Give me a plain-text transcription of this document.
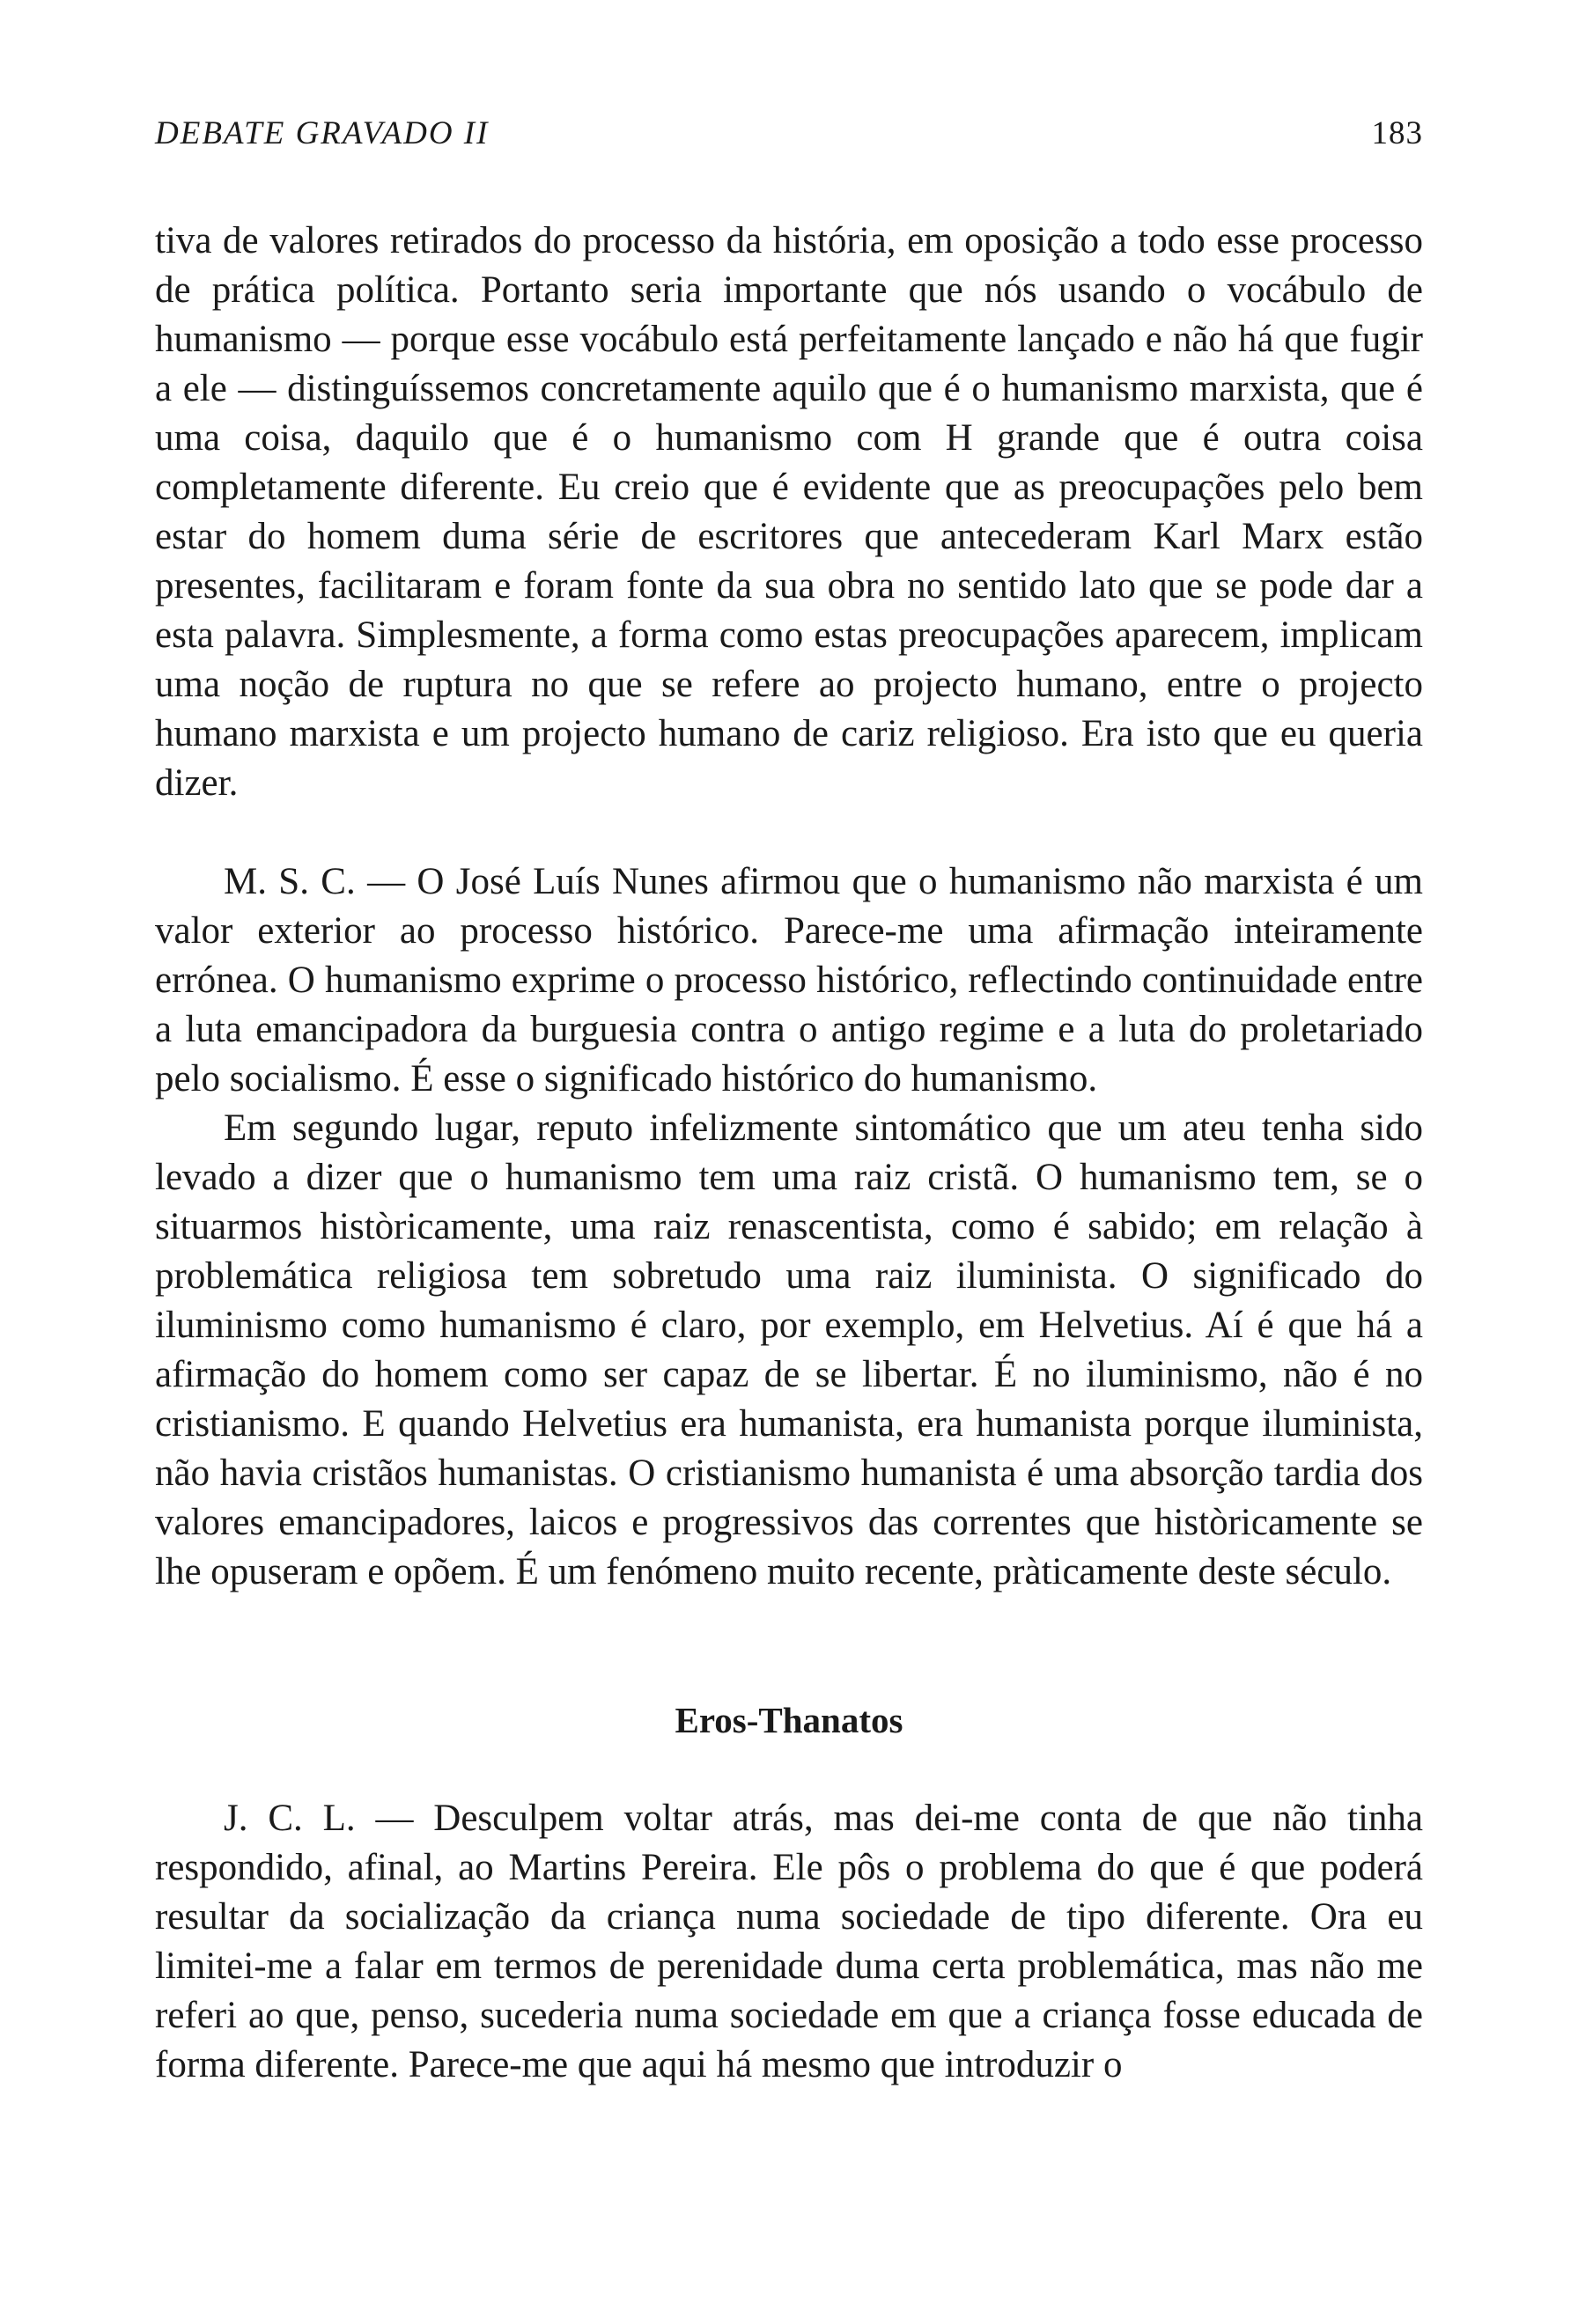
DEBATE GRAVADO II	183

tiva de valores retirados do processo da história, em oposição a todo esse processo de prática política. Portanto seria importante que nós usando o vocábulo de humanismo — porque esse vocábulo está perfeitamente lançado e não há que fugir a ele — distinguíssemos concretamente aquilo que é o humanismo marxista, que é uma coisa, daquilo que é o humanismo com H grande que é outra coisa completamente diferente. Eu creio que é evidente que as preocupações pelo bem estar do homem duma série de escritores que antecederam Karl Marx estão presentes, facilitaram e foram fonte da sua obra no sentido lato que se pode dar a esta palavra. Simplesmente, a forma como estas preocupações aparecem, implicam uma noção de ruptura no que se refere ao projecto humano, entre o projecto humano marxista e um projecto humano de cariz religioso. Era isto que eu queria dizer.

M. S. C. — O José Luís Nunes afirmou que o humanismo não marxista é um valor exterior ao processo histórico. Parece-me uma afirmação inteiramente errónea. O humanismo exprime o processo histórico, reflectindo continuidade entre a luta emancipadora da burguesia contra o antigo regime e a luta do proletariado pelo socialismo. É esse o significado histórico do humanismo.

Em segundo lugar, reputo infelizmente sintomático que um ateu tenha sido levado a dizer que o humanismo tem uma raiz cristã. O humanismo tem, se o situarmos històricamente, uma raiz renascentista, como é sabido; em relação à problemática religiosa tem sobretudo uma raiz iluminista. O significado do iluminismo como humanismo é claro, por exemplo, em Helvetius. Aí é que há a afirmação do homem como ser capaz de se libertar. É no iluminismo, não é no cristianismo. E quando Helvetius era humanista, era humanista porque iluminista, não havia cristãos humanistas. O cristianismo humanista é uma absorção tardia dos valores emancipadores, laicos e progressivos das correntes que històricamente se lhe opuseram e opõem. É um fenómeno muito recente, pràticamente deste século.

Eros-Thanatos

J. C. L. — Desculpem voltar atrás, mas dei-me conta de que não tinha respondido, afinal, ao Martins Pereira. Ele pôs o problema do que é que poderá resultar da socialização da criança numa sociedade de tipo diferente. Ora eu limitei-me a falar em termos de perenidade duma certa problemática, mas não me referi ao que, penso, sucederia numa sociedade em que a criança fosse educada de forma diferente. Parece-me que aqui há mesmo que introduzir o
